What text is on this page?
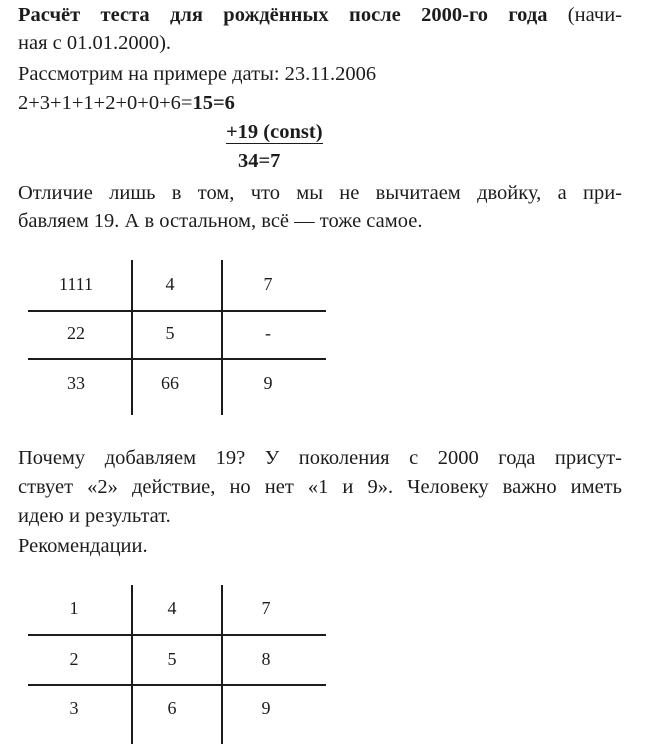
Расчёт теста для рождённых после 2000-го года (начи-
ная с 01.01.2000).
Рассмотрим на примере даты: 23.11.2006
2+3+1+1+2+0+0+6=15=6
+19 (const)
34=7
Отличие лишь в том, что мы не вычитаем двойку, а при-
бавляем 19. А в остальном, всё — тоже самое.
1111	4	7
22	5	-
33	66	9
Почему добавляем 19? У поколения с 2000 года присут-
ствует «2» действие, но нет «1 и 9». Человеку важно иметь
идею и результат.
Рекомендации.
1	4	7
2	5	8
3	6	9
